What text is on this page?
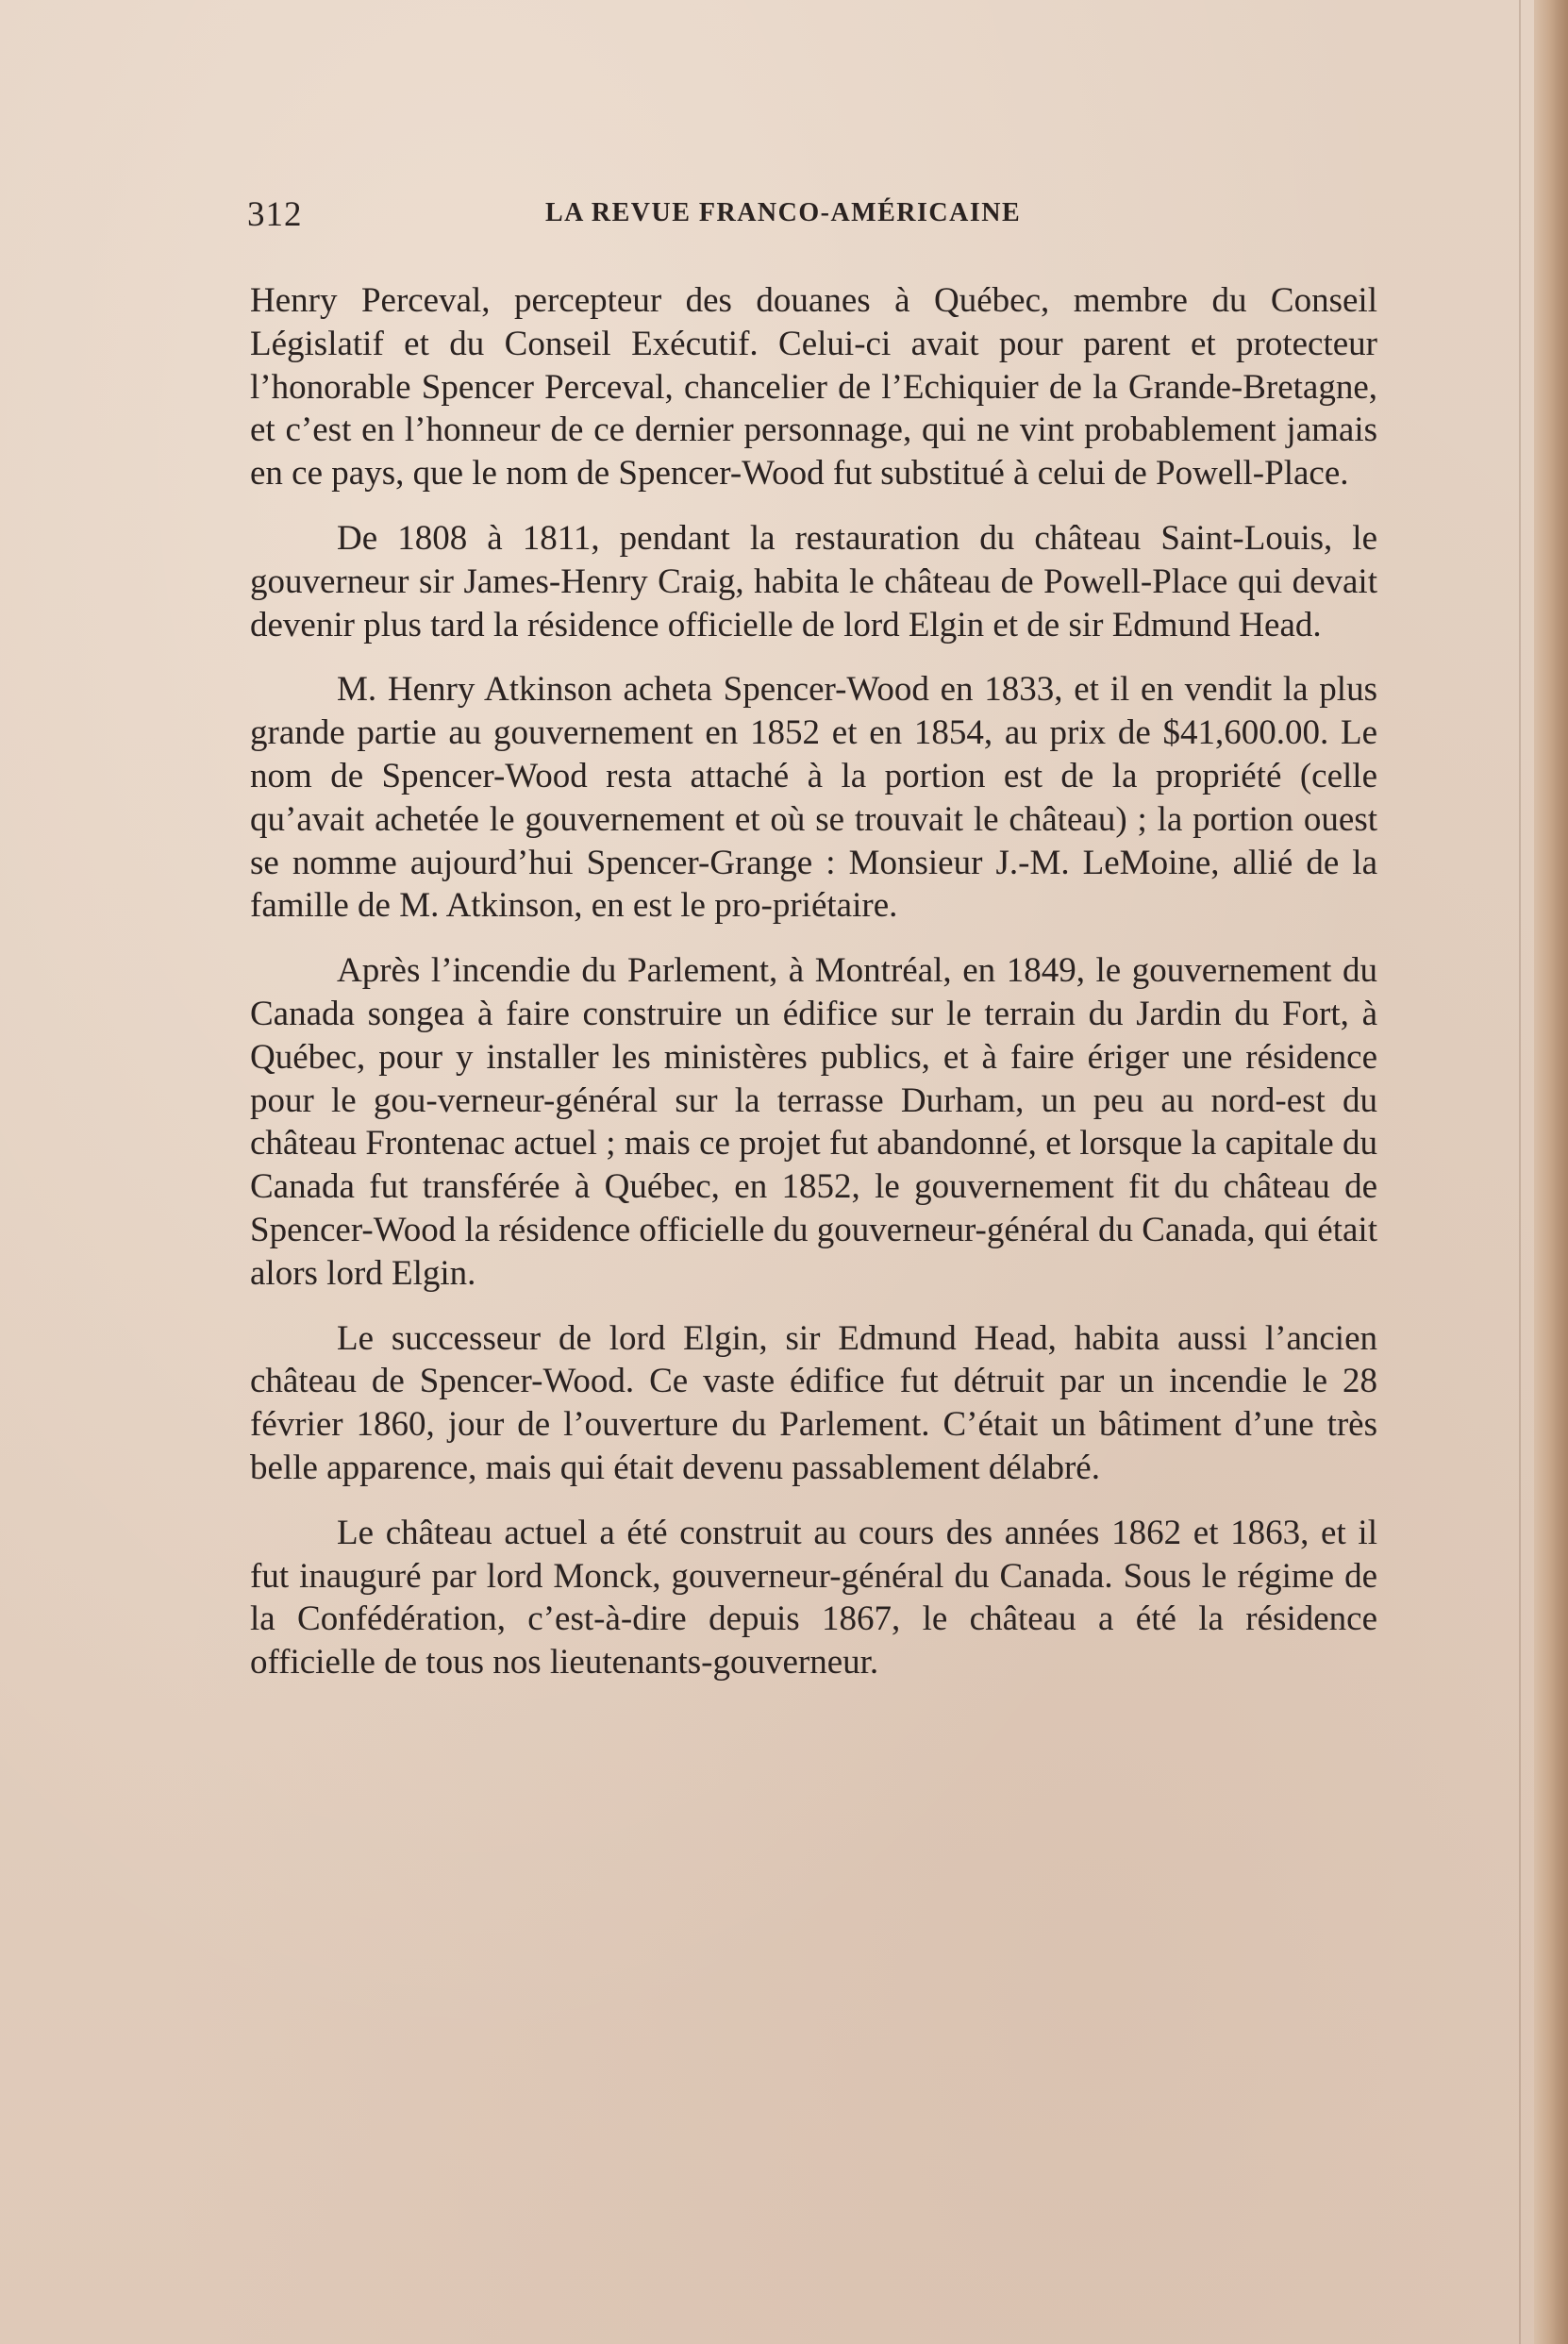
312	LA REVUE FRANCO-AMÉRICAINE

Henry Perceval, percepteur des douanes à Québec, membre du Conseil Législatif et du Conseil Exécutif. Celui-ci avait pour parent et protecteur l’honorable Spencer Perceval, chancelier de l’Echiquier de la Grande-Bretagne, et c’est en l’honneur de ce dernier personnage, qui ne vint probablement jamais en ce pays, que le nom de Spencer-Wood fut substitué à celui de Powell-Place.

De 1808 à 1811, pendant la restauration du château Saint-Louis, le gouverneur sir James-Henry Craig, habita le château de Powell-Place qui devait devenir plus tard la résidence officielle de lord Elgin et de sir Edmund Head.

M. Henry Atkinson acheta Spencer-Wood en 1833, et il en vendit la plus grande partie au gouvernement en 1852 et en 1854, au prix de $41,600.00. Le nom de Spencer-Wood resta attaché à la portion est de la propriété (celle qu’avait achetée le gouvernement et où se trouvait le château) ; la portion ouest se nomme aujourd’hui Spencer-Grange : Monsieur J.-M. LeMoine, allié de la famille de M. Atkinson, en est le pro-priétaire.

Après l’incendie du Parlement, à Montréal, en 1849, le gouvernement du Canada songea à faire construire un édifice sur le terrain du Jardin du Fort, à Québec, pour y installer les ministères publics, et à faire ériger une résidence pour le gou-verneur-général sur la terrasse Durham, un peu au nord-est du château Frontenac actuel ; mais ce projet fut abandonné, et lorsque la capitale du Canada fut transférée à Québec, en 1852, le gouvernement fit du château de Spencer-Wood la résidence officielle du gouverneur-général du Canada, qui était alors lord Elgin.

Le successeur de lord Elgin, sir Edmund Head, habita aussi l’ancien château de Spencer-Wood. Ce vaste édifice fut détruit par un incendie le 28 février 1860, jour de l’ouverture du Parlement. C’était un bâtiment d’une très belle apparence, mais qui était devenu passablement délabré.

Le château actuel a été construit au cours des années 1862 et 1863, et il fut inauguré par lord Monck, gouverneur-général du Canada. Sous le régime de la Confédération, c’est-à-dire depuis 1867, le château a été la résidence officielle de tous nos lieutenants-gouverneur.
